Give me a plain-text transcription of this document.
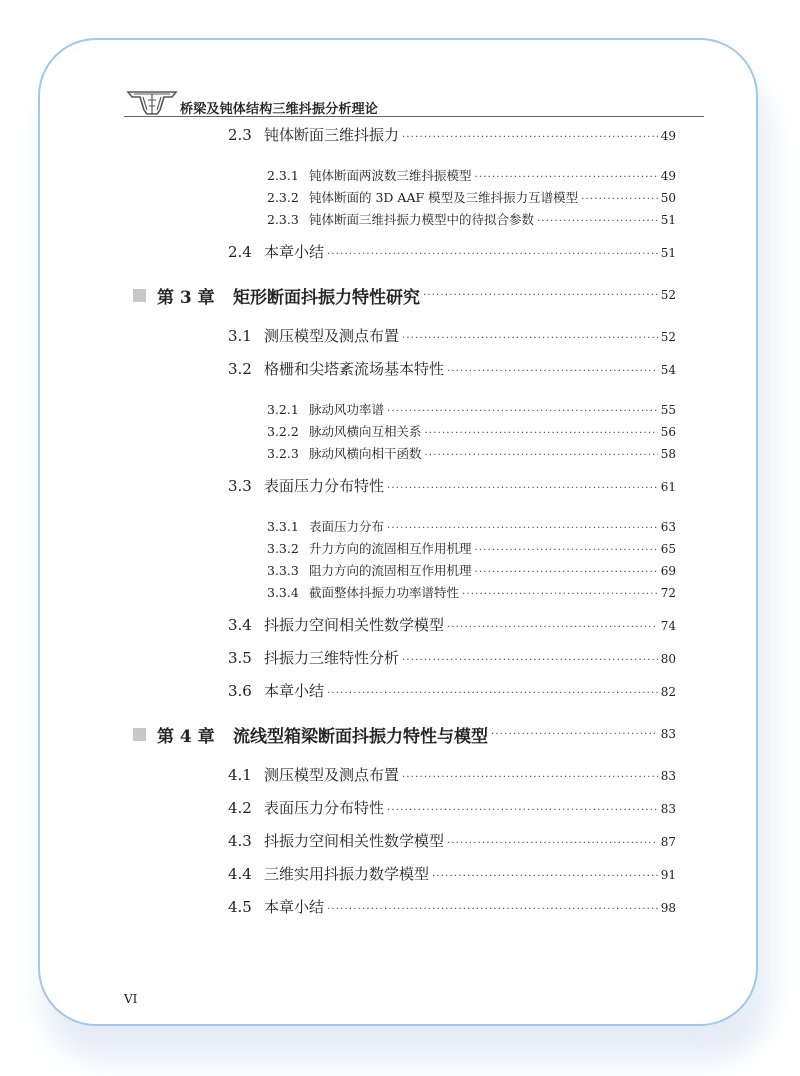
桥梁及钝体结构三维抖振分析理论
2.3 钝体断面三维抖振力 ·····	49
2.3.1 钝体断面两波数三维抖振模型 ·····	49
2.3.2 钝体断面的 3D AAF 模型及三维抖振力互谱模型 ·····	50
2.3.3 钝体断面三维抖振力模型中的待拟合参数 ·····	51
2.4 本章小结 ·····	51
第 3 章	矩形断面抖振力特性研究 ·····	52
3.1 测压模型及测点布置 ·····	52
3.2 格栅和尖塔紊流场基本特性 ·····	54
3.2.1 脉动风功率谱 ·····	55
3.2.2 脉动风横向互相关系 ·····	56
3.2.3 脉动风横向相干函数 ·····	58
3.3 表面压力分布特性 ·····	61
3.3.1 表面压力分布 ·····	63
3.3.2 升力方向的流固相互作用机理 ·····	65
3.3.3 阻力方向的流固相互作用机理 ·····	69
3.3.4 截面整体抖振力功率谱特性 ·····	72
3.4 抖振力空间相关性数学模型 ·····	74
3.5 抖振力三维特性分析 ·····	80
3.6 本章小结 ·····	82
第 4 章	流线型箱梁断面抖振力特性与模型 ·····	83
4.1 测压模型及测点布置 ·····	83
4.2 表面压力分布特性 ·····	83
4.3 抖振力空间相关性数学模型 ·····	87
4.4 三维实用抖振力数学模型 ·····	91
4.5 本章小结 ·····	98
VI
